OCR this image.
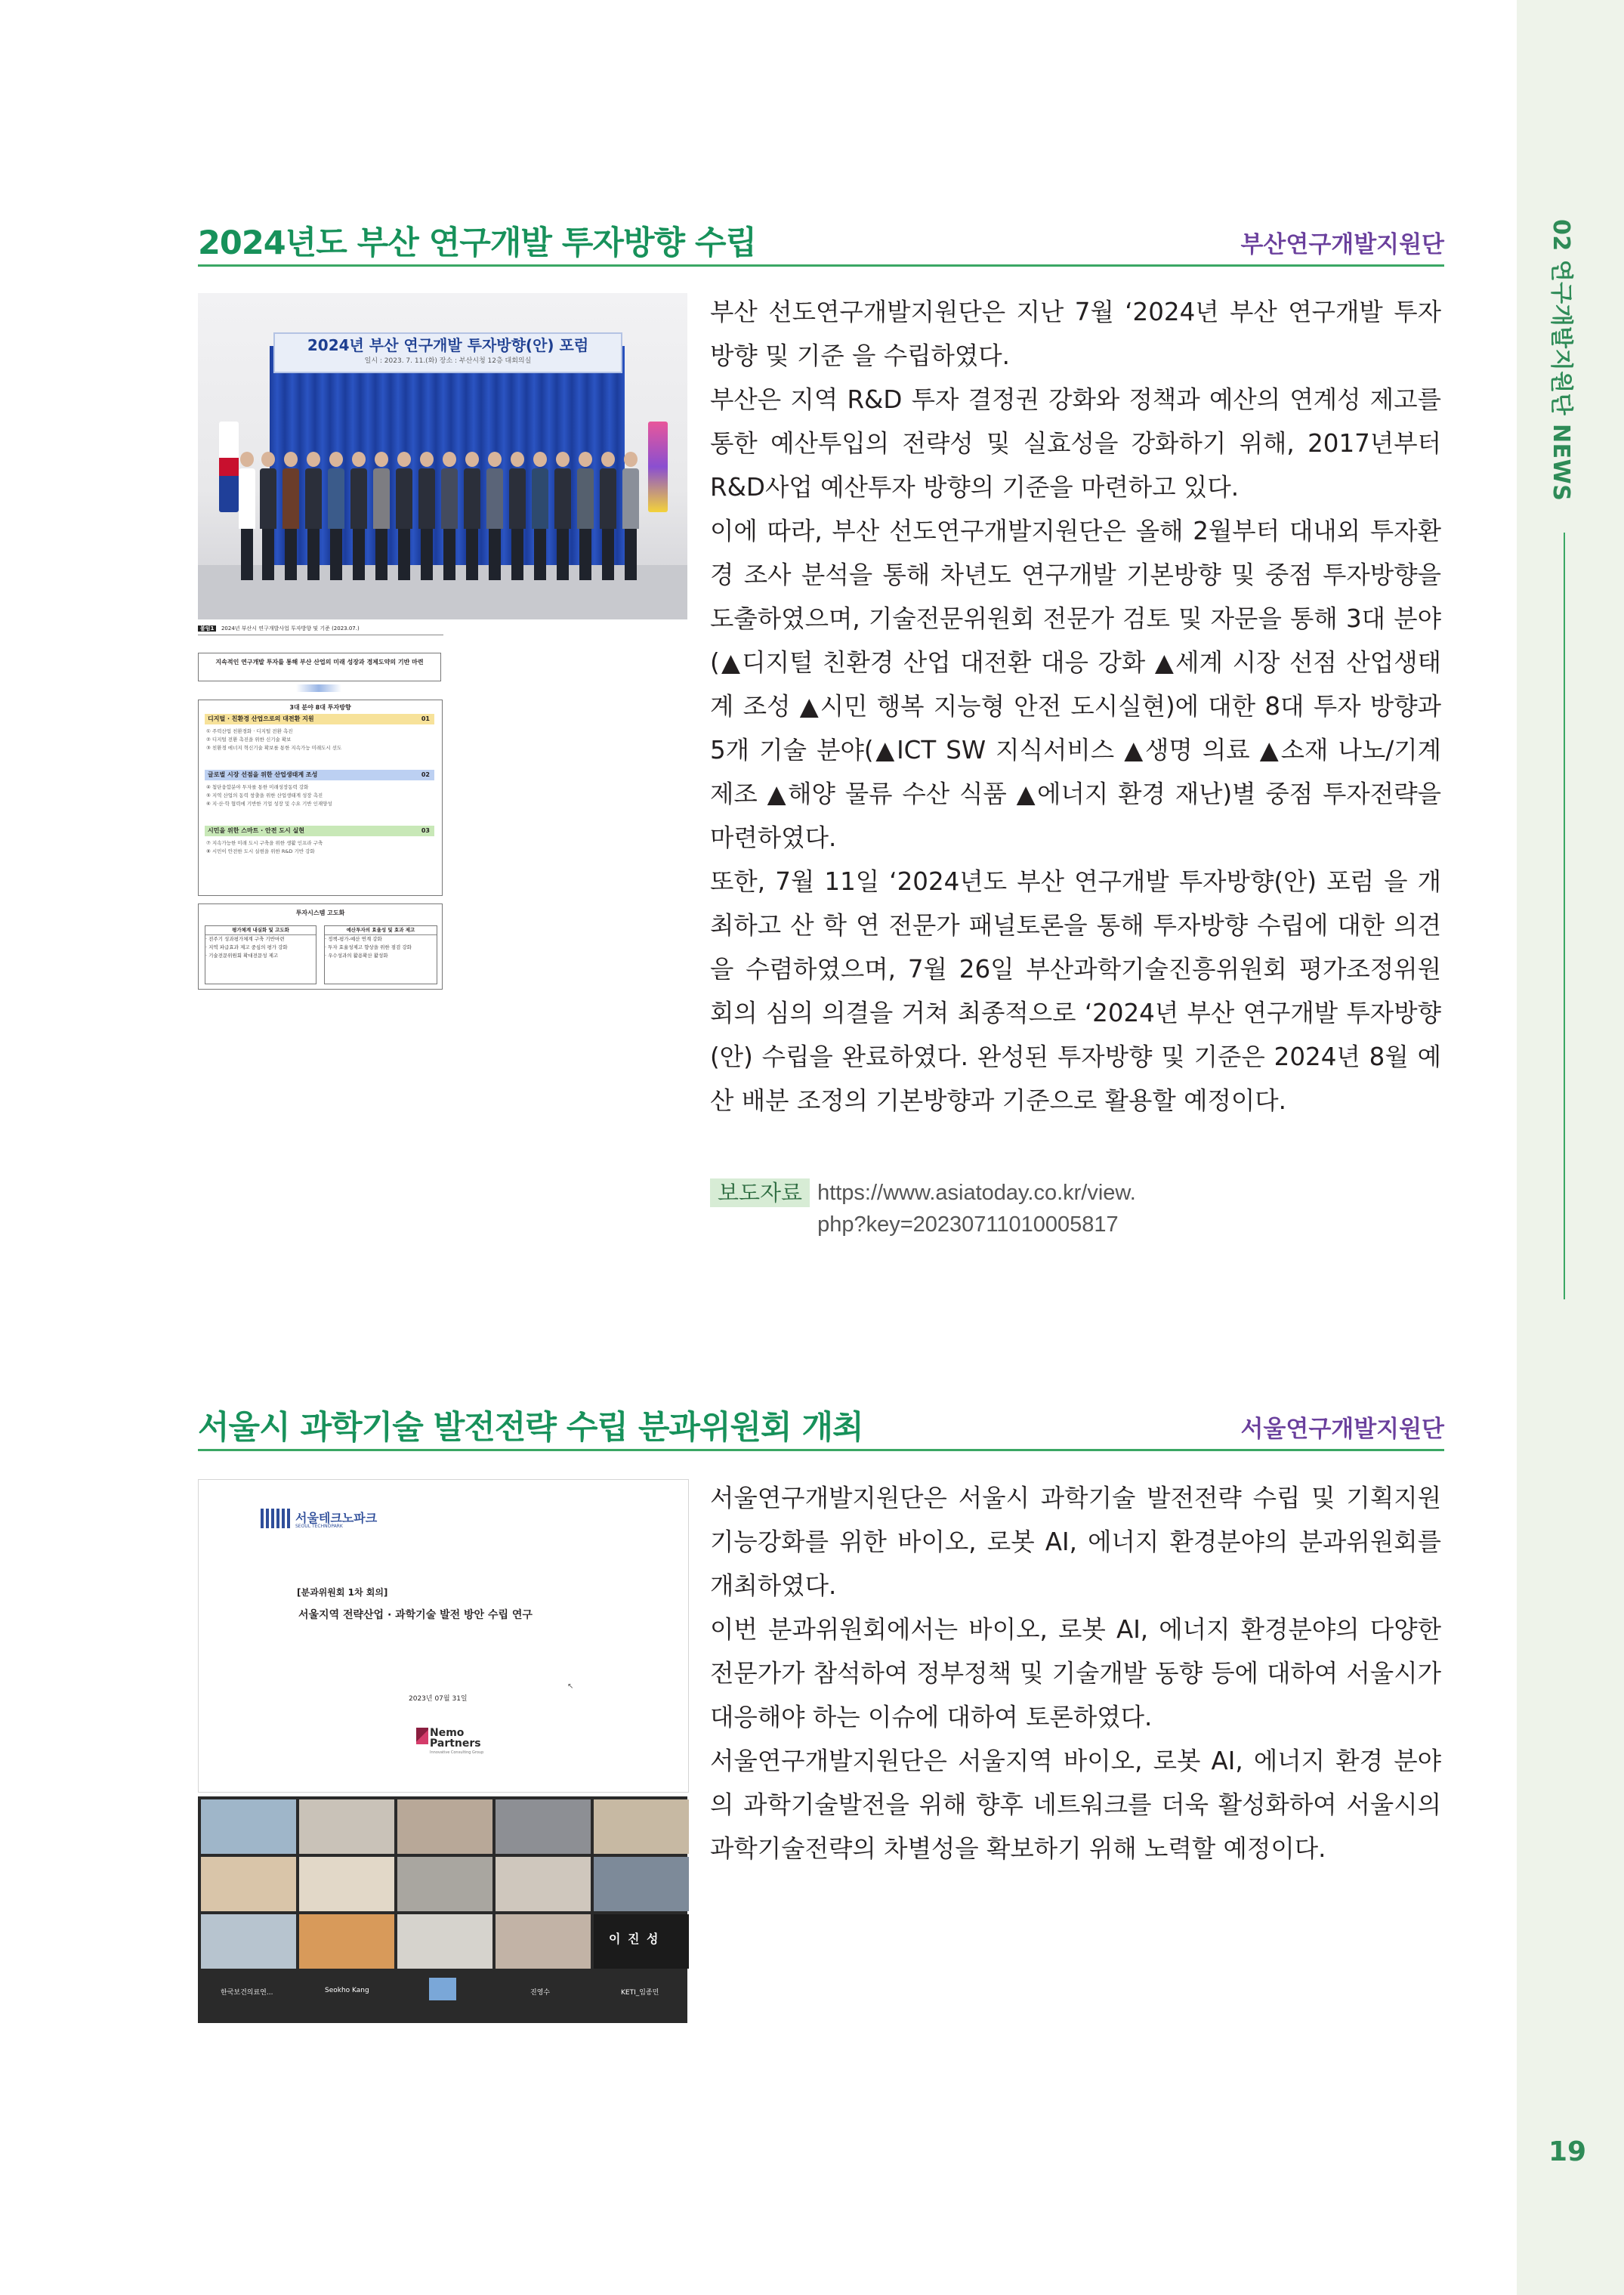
02 연구개발지원단 NEWS
19
2024년도 부산 연구개발 투자방향 수립	부산연구개발지원단
2024년 부산 연구개발 투자방향(안) 포럼
일시 : 2023. 7. 11.(화) 장소 : 부산시청 12층 대회의실
붙임1 2024년 부산시 연구개발사업 투자방향 및 기준 (2023.07.)
지속적인 연구개발 투자를 통해 부산 산업의 미래 성장과 경제도약의 기반 마련
3대 분야 8대 투자방향
디지털 · 친환경 산업으로의 대전환 지원	01
① 주력산업 친환경화 · 디지털 전환 촉진
② 디지털 전환 촉진을 위한 신기술 확보
③ 친환경 에너지 혁신기술 확보를 통한 지속가능 미래도시 선도
글로벌 시장 선점을 위한 산업생태계 조성	02
④ 첨단융합분야 투자를 통한 미래성장동력 강화
⑤ 지역 산업의 동력 창출을 위한 산업생태계 성장 촉진
⑥ 지·산·학 협력에 기반한 기업 성장 및 수요 기반 인재양성
시민을 위한 스마트 · 안전 도시 실현	03
⑦ 지속가능한 미래 도시 구축을 위한 생활 인프라 구축
⑧ 시민이 안전한 도시 실현을 위한 R&D 기반 강화
투자시스템 고도화
평가체계 내실화 및 고도화
· 전주기 성과평가체계 구축 기반마련
· 지역 파급효과 제고 중심의 평가 강화
· 기술전문위원회 확대전문성 제고
예산투자의 효율성 및 효과 제고
· 정책-평가-예산 연계 강화
· 투자 효율성제고 향상을 위한 점검 강화
· 우수성과의 활용확산 활성화

부산 선도연구개발지원단은 지난 7월 ‘2024년 부산 연구개발 투자방향 및 기준 을 수립하였다.

부산은 지역 R&D 투자 결정권 강화와 정책과 예산의 연계성 제고를 통한 예산투입의 전략성 및 실효성을 강화하기 위해, 2017년부터 R&D사업 예산투자 방향의 기준을 마련하고 있다.

이에 따라, 부산 선도연구개발지원단은 올해 2월부터 대내외 투자환경 조사 분석을 통해 차년도 연구개발 기본방향 및 중점 투자방향을 도출하였으며, 기술전문위원회 전문가 검토 및 자문을 통해 3대 분야(▲디지털 친환경 산업 대전환 대응 강화 ▲세계 시장 선점 산업생태계 조성 ▲시민 행복 지능형 안전 도시실현)에 대한 8대 투자 방향과 5개 기술 분야(▲ICT SW 지식서비스 ▲생명 의료 ▲소재 나노/기계 제조 ▲해양 물류 수산 식품 ▲에너지 환경 재난)별 중점 투자전략을 마련하였다.

또한, 7월 11일 ‘2024년도 부산 연구개발 투자방향(안) 포럼 을 개최하고 산 학 연 전문가 패널토론을 통해 투자방향 수립에 대한 의견을 수렴하였으며, 7월 26일 부산과학기술진흥위원회 평가조정위원회의 심의 의결을 거쳐 최종적으로 ‘2024년 부산 연구개발 투자방향(안) 수립을 완료하였다. 완성된 투자방향 및 기준은 2024년 8월 예산 배분 조정의 기본방향과 기준으로 활용할 예정이다.

보도자료 https://www.asiatoday.co.kr/view.
php?key=20230711010005817
서울시 과학기술 발전전략 수립 분과위원회 개최	서울연구개발지원단
서울테크노파크
SEOUL TECHNOPARK
[분과위원회 1차 회의]
서울지역 전략산업 · 과학기술 발전 방안 수립 연구
2023년 07월 31일
Nemo Partners
Innovative Consulting Group
↖
이 진 성
한국보건의료연...	Seokho Kang	진영수	KETI_임종민

서울연구개발지원단은 서울시 과학기술 발전전략 수립 및 기획지원 기능강화를 위한 바이오, 로봇 AI, 에너지 환경분야의 분과위원회를 개최하였다.

이번 분과위원회에서는 바이오, 로봇 AI, 에너지 환경분야의 다양한 전문가가 참석하여 정부정책 및 기술개발 동향 등에 대하여 서울시가 대응해야 하는 이슈에 대하여 토론하였다.

서울연구개발지원단은 서울지역 바이오, 로봇 AI, 에너지 환경 분야의 과학기술발전을 위해 향후 네트워크를 더욱 활성화하여 서울시의 과학기술전략의 차별성을 확보하기 위해 노력할 예정이다.
